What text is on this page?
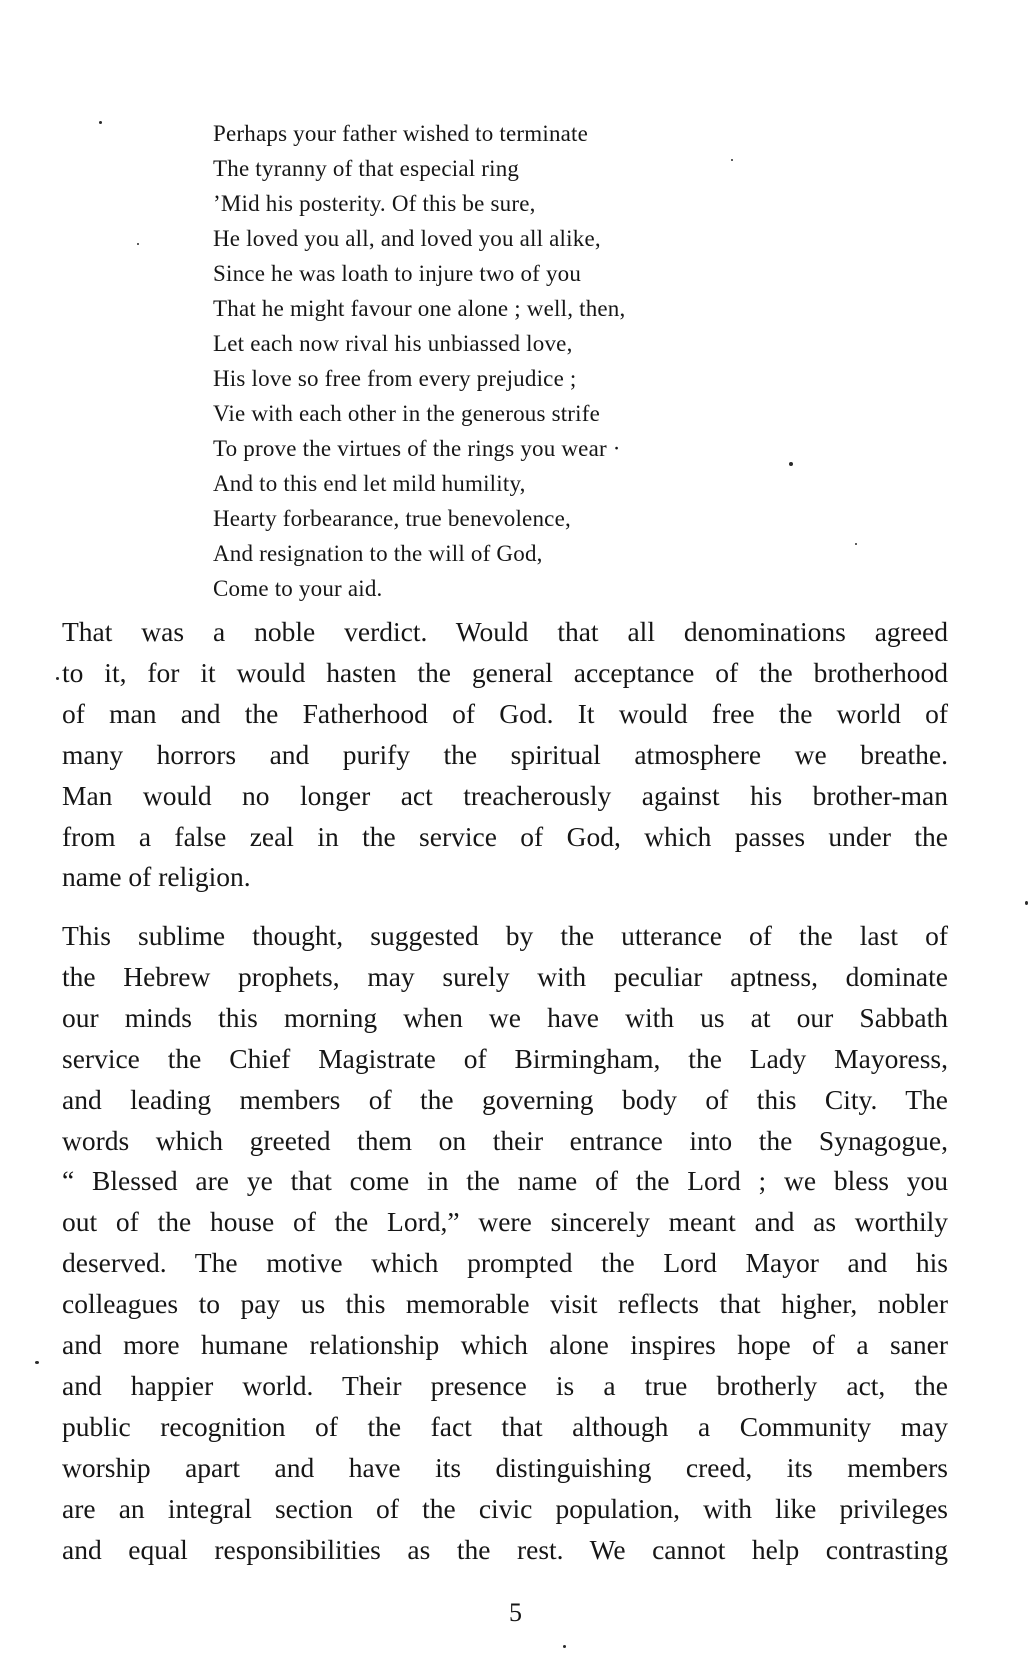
Perhaps your father wished to terminate
The tyranny of that especial ring
’Mid his posterity. Of this be sure,
He loved you all, and loved you all alike,
Since he was loath to injure two of you
That he might favour one alone ; well, then,
Let each now rival his unbiassed love,
His love so free from every prejudice ;
Vie with each other in the generous strife
To prove the virtues of the rings you wear ·
And to this end let mild humility,
Hearty forbearance, true benevolence,
And resignation to the will of God,
Come to your aid.
That was a noble verdict. Would that all denominations agreed
to it, for it would hasten the general acceptance of the brotherhood
of man and the Fatherhood of God. It would free the world of
many horrors and purify the spiritual atmosphere we breathe.
Man would no longer act treacherously against his brother-man
from a false zeal in the service of God, which passes under the
name of religion.
This sublime thought, suggested by the utterance of the last of
the Hebrew prophets, may surely with peculiar aptness, dominate
our minds this morning when we have with us at our Sabbath
service the Chief Magistrate of Birmingham, the Lady Mayoress,
and leading members of the governing body of this City. The
words which greeted them on their entrance into the Synagogue,
“ Blessed are ye that come in the name of the Lord ; we bless you
out of the house of the Lord,” were sincerely meant and as worthily
deserved. The motive which prompted the Lord Mayor and his
colleagues to pay us this memorable visit reflects that higher, nobler
and more humane relationship which alone inspires hope of a saner
and happier world. Their presence is a true brotherly act, the
public recognition of the fact that although a Community may
worship apart and have its distinguishing creed, its members
are an integral section of the civic population, with like privileges
and equal responsibilities as the rest. We cannot help contrasting
5
